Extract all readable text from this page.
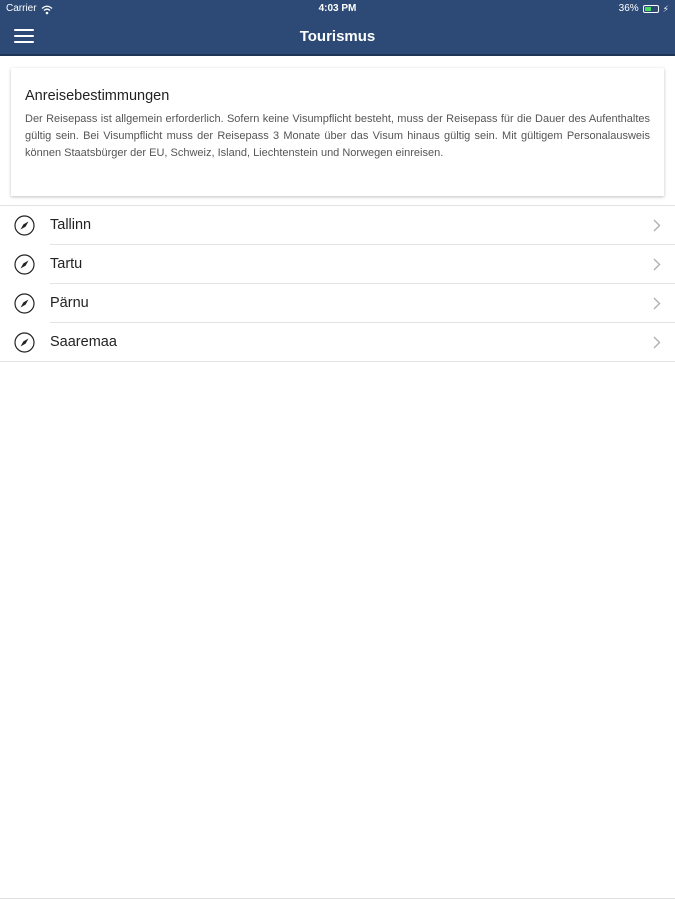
Carrier	4:03 PM	36%	⚡
Tourismus

Anreisebestimmungen

Der Reisepass ist allgemein erforderlich. Sofern keine Visumpflicht besteht, muss der Reisepass für die Dauer des Aufenthaltes gültig sein. Bei Visumpflicht muss der Reisepass 3 Monate über das Visum hinaus gültig sein. Mit gültigem Personalausweis können Staatsbürger der EU, Schweiz, Island, Liechtenstein und Norwegen einreisen.

Tallinn
Tartu
Pärnu
Saaremaa
